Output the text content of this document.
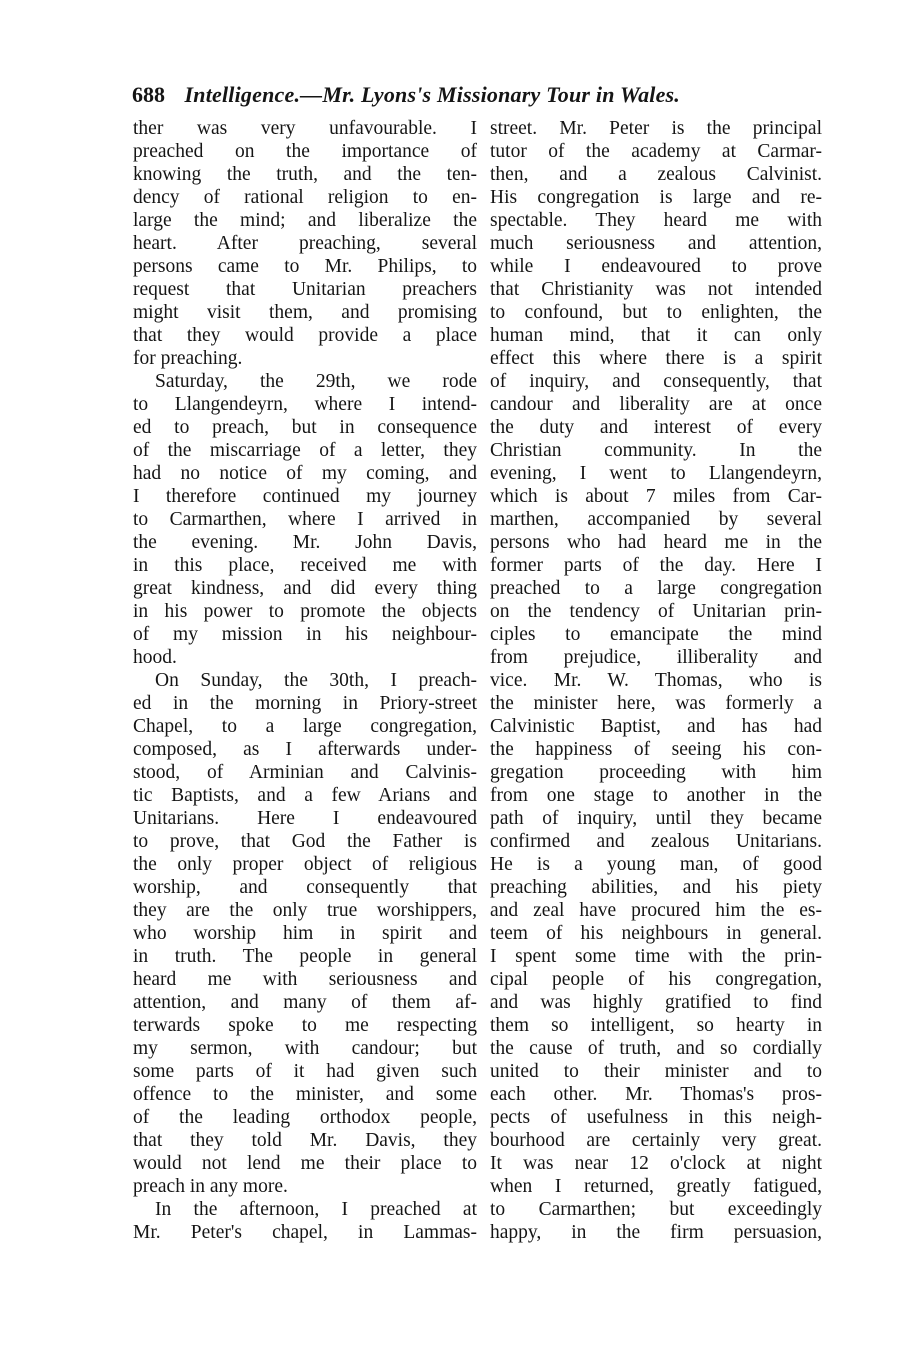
688 Intelligence.—Mr. Lyons's Missionary Tour in Wales.
ther was very unfavourable. I
preached on the importance of
knowing the truth, and the ten-
dency of rational religion to en-
large the mind; and liberalize the
heart. After preaching, several
persons came to Mr. Philips, to
request that Unitarian preachers
might visit them, and promising
that they would provide a place
for preaching.
Saturday, the 29th, we rode
to Llangendeyrn, where I intend-
ed to preach, but in consequence
of the miscarriage of a letter, they
had no notice of my coming, and
I therefore continued my journey
to Carmarthen, where I arrived in
the evening. Mr. John Davis,
in this place, received me with
great kindness, and did every thing
in his power to promote the objects
of my mission in his neighbour-
hood.
On Sunday, the 30th, I preach-
ed in the morning in Priory-street
Chapel, to a large congregation,
composed, as I afterwards under-
stood, of Arminian and Calvinis-
tic Baptists, and a few Arians and
Unitarians. Here I endeavoured
to prove, that God the Father is
the only proper object of religious
worship, and consequently that
they are the only true worshippers,
who worship him in spirit and
in truth. The people in general
heard me with seriousness and
attention, and many of them af-
terwards spoke to me respecting
my sermon, with candour; but
some parts of it had given such
offence to the minister, and some
of the leading orthodox people,
that they told Mr. Davis, they
would not lend me their place to
preach in any more.
In the afternoon, I preached at
Mr. Peter's chapel, in Lammas-
street. Mr. Peter is the principal
tutor of the academy at Carmar-
then, and a zealous Calvinist.
His congregation is large and re-
spectable. They heard me with
much seriousness and attention,
while I endeavoured to prove
that Christianity was not intended
to confound, but to enlighten, the
human mind, that it can only
effect this where there is a spirit
of inquiry, and consequently, that
candour and liberality are at once
the duty and interest of every
Christian community. In the
evening, I went to Llangendeyrn,
which is about 7 miles from Car-
marthen, accompanied by several
persons who had heard me in the
former parts of the day. Here I
preached to a large congregation
on the tendency of Unitarian prin-
ciples to emancipate the mind
from prejudice, illiberality and
vice. Mr. W. Thomas, who is
the minister here, was formerly a
Calvinistic Baptist, and has had
the happiness of seeing his con-
gregation proceeding with him
from one stage to another in the
path of inquiry, until they became
confirmed and zealous Unitarians.
He is a young man, of good
preaching abilities, and his piety
and zeal have procured him the es-
teem of his neighbours in general.
I spent some time with the prin-
cipal people of his congregation,
and was highly gratified to find
them so intelligent, so hearty in
the cause of truth, and so cordially
united to their minister and to
each other. Mr. Thomas's pros-
pects of usefulness in this neigh-
bourhood are certainly very great.
It was near 12 o'clock at night
when I returned, greatly fatigued,
to Carmarthen; but exceedingly
happy, in the firm persuasion,
